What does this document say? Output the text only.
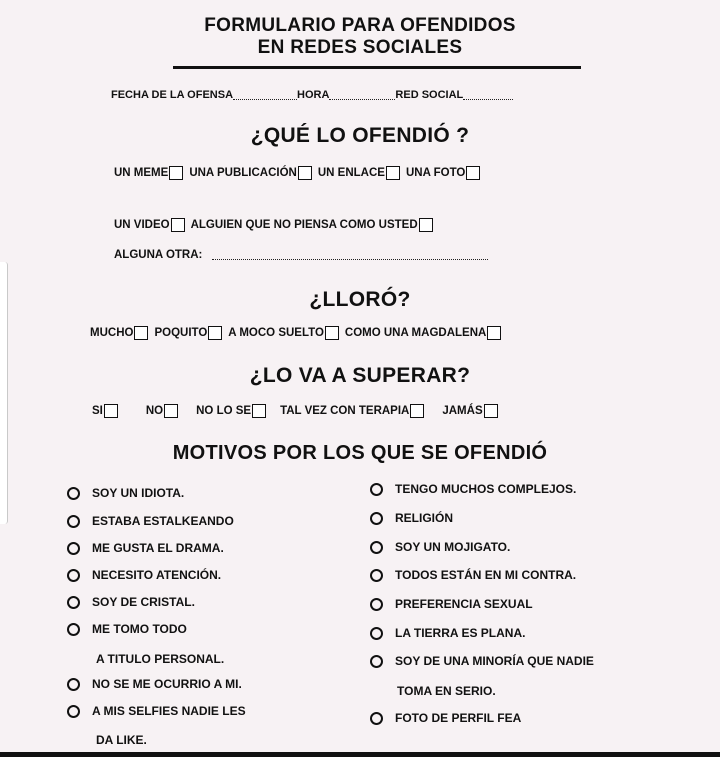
FORMULARIO PARA OFENDIDOS
EN REDES SOCIALES
FECHA DE LA OFENSA	HORA	RED SOCIAL
¿QUÉ LO OFENDIÓ ?
UN MEME UNA PUBLICACIÓN UN ENLACE UNA FOTO
UN VIDEO ALGUIEN QUE NO PIENSA COMO USTED
ALGUNA OTRA:
¿LLORÓ?
MUCHO POQUITO A MOCO SUELTO COMO UNA MAGDALENA
¿LO VA A SUPERAR?
SI	NO	NO LO SE	TAL VEZ CON TERAPIA	JAMÁS
MOTIVOS POR LOS QUE SE OFENDIÓ
SOY UN IDIOTA.
ESTABA ESTALKEANDO
ME GUSTA EL DRAMA.
NECESITO ATENCIÓN.
SOY DE CRISTAL.
ME TOMO TODO
A TITULO PERSONAL.
NO SE ME OCURRIO A MI.
A MIS SELFIES NADIE LES
DA LIKE.
TENGO MUCHOS COMPLEJOS.
RELIGIÓN
SOY UN MOJIGATO.
TODOS ESTÁN EN MI CONTRA.
PREFERENCIA SEXUAL
LA TIERRA ES PLANA.
SOY DE UNA MINORÍA QUE NADIE
TOMA EN SERIO.
FOTO DE PERFIL FEA
